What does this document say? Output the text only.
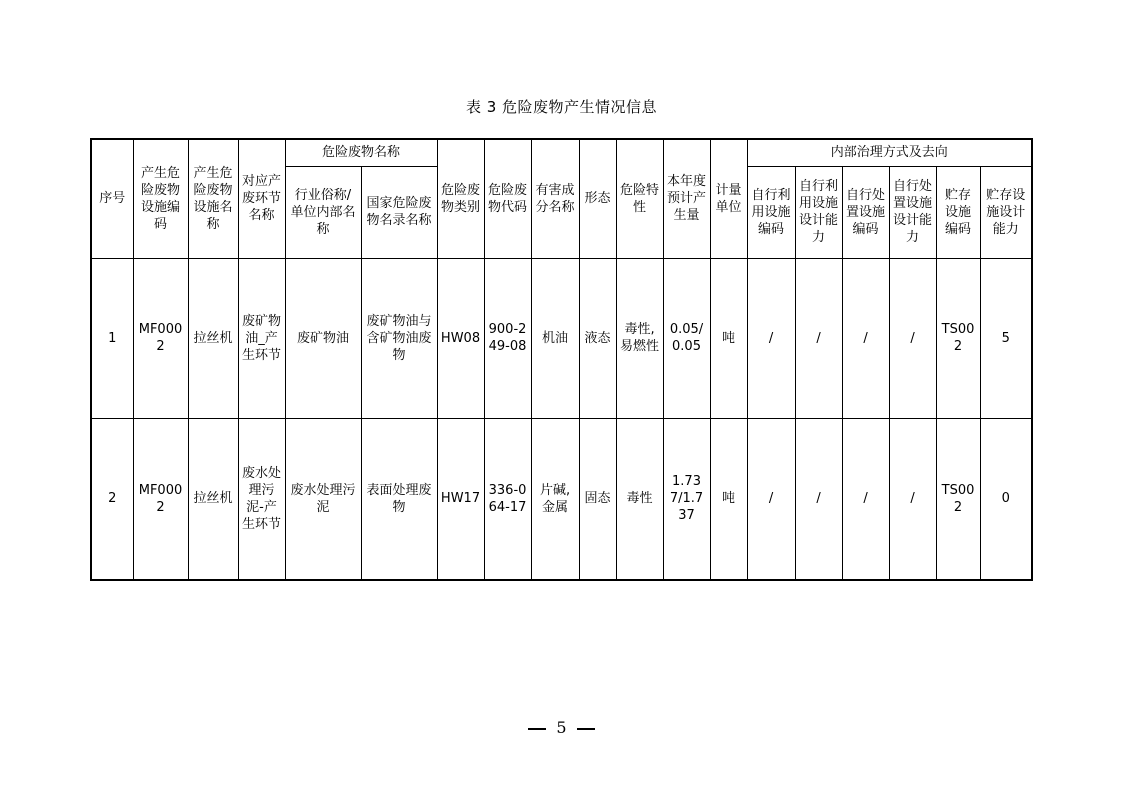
表 3 危险废物产生情况信息
序号	产生危险废物设施编码	产生危险废物设施名称	对应产废环节名称	危险废物名称		危险废物类别	危险废物代码	有害成分名称	形态	危险特性	本年度预计产生量	计量单位	内部治理方式及去向					
				行业俗称/单位内部名称	国家危险废物名录名称								自行利用设施编码	自行利用设施设计能力	自行处置设施编码	自行处置设施设计能力	贮存设施编码	贮存设施设计能力
1	MF0002	拉丝机	废矿物油_产生环节	废矿物油	废矿物油与含矿物油废物	HW08	900-249-08	机油	液态	毒性,易燃性	0.05/0.05	吨	/	/	/	/	TS002	5
2	MF0002	拉丝机	废水处理污泥-产生环节	废水处理污泥	表面处理废物	HW17	336-064-17	片碱,金属	固态	毒性	1.737/1.737	吨	/	/	/	/	TS002	0
5
